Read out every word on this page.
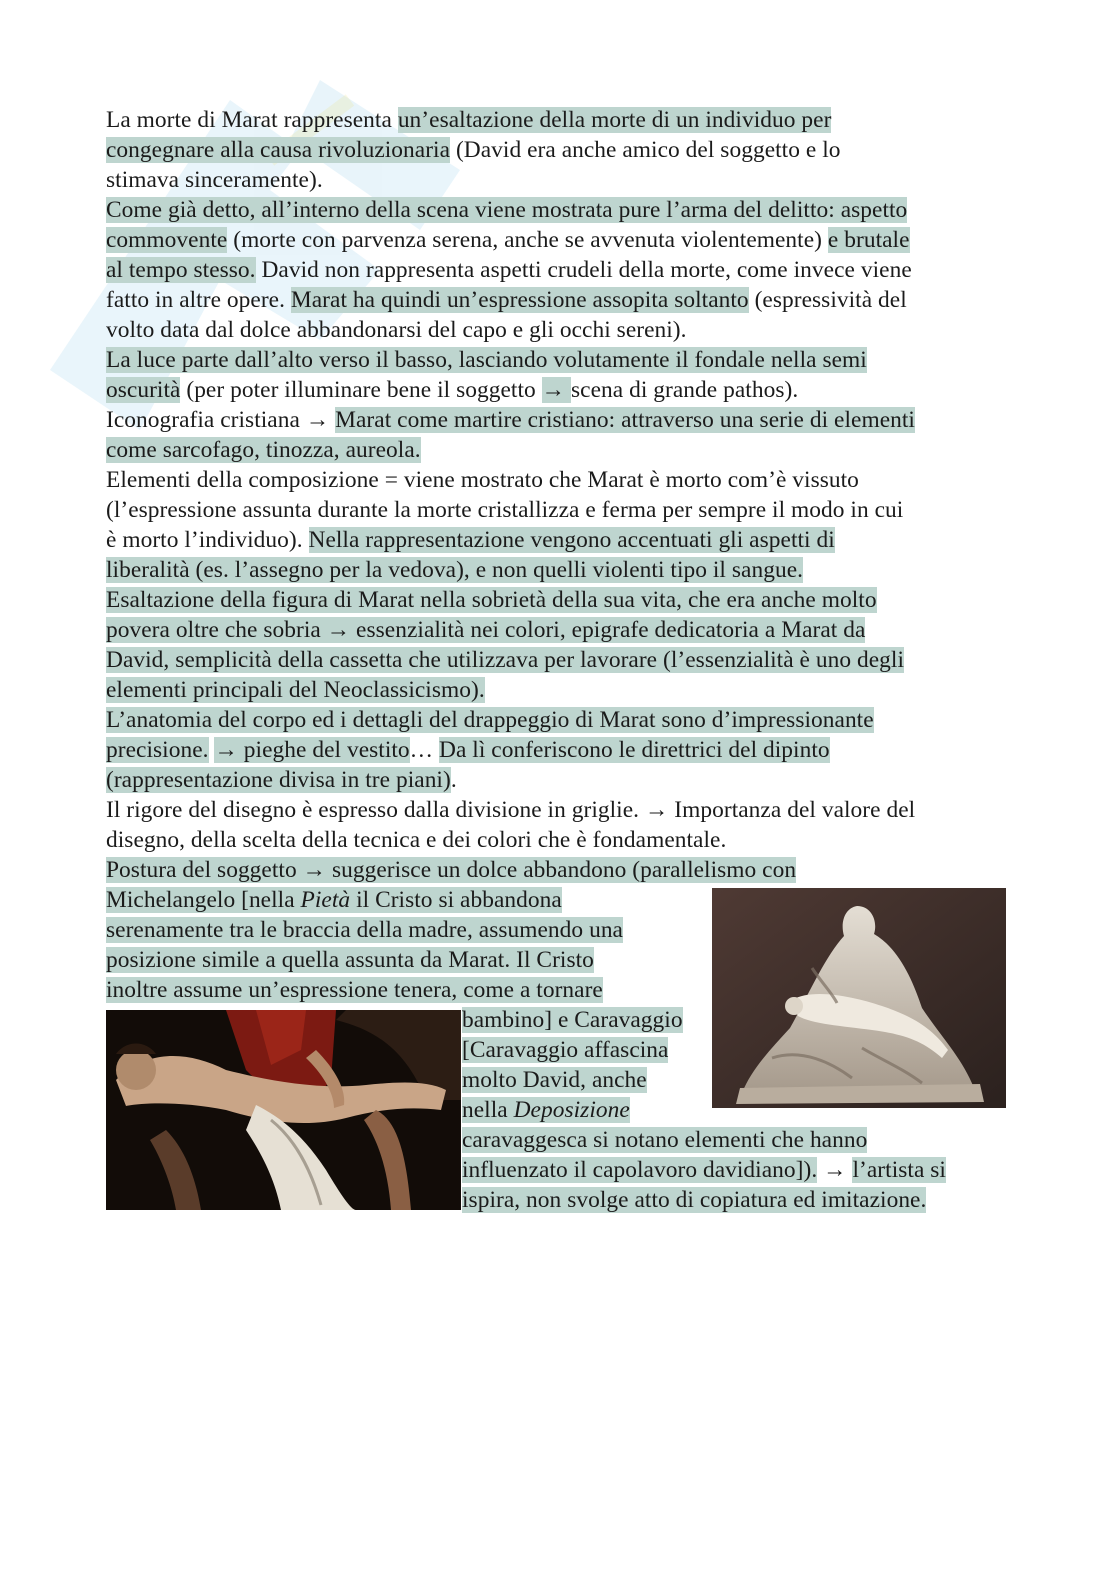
La morte di Marat rappresenta un’esaltazione della morte di un individuo per
congegnare alla causa rivoluzionaria (David era anche amico del soggetto e lo
stimava sinceramente).
Come già detto, all’interno della scena viene mostrata pure l’arma del delitto: aspetto
commovente (morte con parvenza serena, anche se avvenuta violentemente) e brutale
al tempo stesso. David non rappresenta aspetti crudeli della morte, come invece viene
fatto in altre opere. Marat ha quindi un’espressione assopita soltanto (espressività del
volto data dal dolce abbandonarsi del capo e gli occhi sereni).
La luce parte dall’alto verso il basso, lasciando volutamente il fondale nella semi
oscurità (per poter illuminare bene il soggetto → scena di grande pathos).
Iconografia cristiana → Marat come martire cristiano: attraverso una serie di elementi
come sarcofago, tinozza, aureola.
Elementi della composizione = viene mostrato che Marat è morto com’è vissuto
(l’espressione assunta durante la morte cristallizza e ferma per sempre il modo in cui
è morto l’individuo). Nella rappresentazione vengono accentuati gli aspetti di
liberalità (es. l’assegno per la vedova), e non quelli violenti tipo il sangue.
Esaltazione della figura di Marat nella sobrietà della sua vita, che era anche molto
povera oltre che sobria → essenzialità nei colori, epigrafe dedicatoria a Marat da
David, semplicità della cassetta che utilizzava per lavorare (l’essenzialità è uno degli
elementi principali del Neoclassicismo).
L’anatomia del corpo ed i dettagli del drappeggio di Marat sono d’impressionante
precisione. → pieghe del vestito… Da lì conferiscono le direttrici del dipinto
(rappresentazione divisa in tre piani).
Il rigore del disegno è espresso dalla divisione in griglie. → Importanza del valore del
disegno, della scelta della tecnica e dei colori che è fondamentale.
Postura del soggetto → suggerisce un dolce abbandono (parallelismo con
Michelangelo [nella Pietà il Cristo si abbandona
serenamente tra le braccia della madre, assumendo una
posizione simile a quella assunta da Marat. Il Cristo
inoltre assume un’espressione tenera, come a tornare
bambino] e Caravaggio
[Caravaggio affascina
molto David, anche
nella Deposizione
caravaggesca si notano elementi che hanno
influenzato il capolavoro davidiano]). → l’artista si
ispira, non svolge atto di copiatura ed imitazione.
